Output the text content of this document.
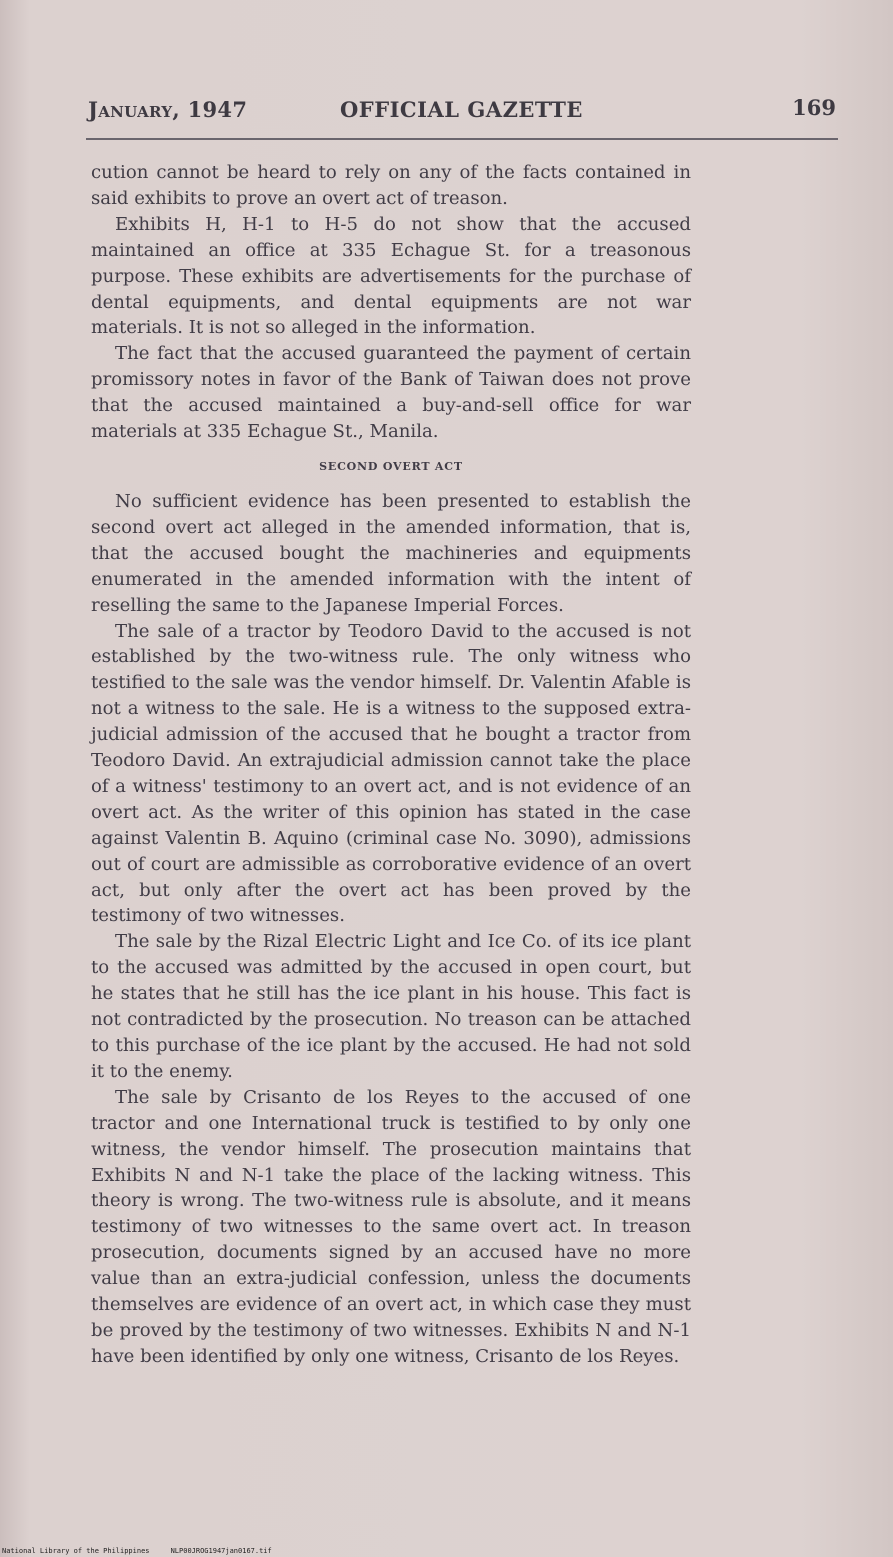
January, 1947	OFFICIAL GAZETTE	169

cution cannot be heard to rely on any of the facts contained in said exhibits to prove an overt act of treason.

Exhibits H, H-1 to H-5 do not show that the accused maintained an office at 335 Echague St. for a treasonous purpose. These exhibits are advertisements for the purchase of dental equipments, and dental equipments are not war materials. It is not so alleged in the information.

The fact that the accused guaranteed the payment of certain promissory notes in favor of the Bank of Taiwan does not prove that the accused maintained a buy-and-sell office for war materials at 335 Echague St., Manila.

SECOND OVERT ACT

No sufficient evidence has been presented to establish the second overt act alleged in the amended information, that is, that the accused bought the machineries and equipments enumerated in the amended information with the intent of reselling the same to the Japanese Imperial Forces.

The sale of a tractor by Teodoro David to the accused is not established by the two-witness rule. The only witness who testified to the sale was the vendor himself. Dr. Valentin Afable is not a witness to the sale. He is a witness to the supposed extra-judicial admission of the accused that he bought a tractor from Teodoro David. An extrajudicial admission cannot take the place of a witness' testimony to an overt act, and is not evidence of an overt act. As the writer of this opinion has stated in the case against Valentin B. Aquino (criminal case No. 3090), admissions out of court are admissible as corroborative evidence of an overt act, but only after the overt act has been proved by the testimony of two witnesses.

The sale by the Rizal Electric Light and Ice Co. of its ice plant to the accused was admitted by the accused in open court, but he states that he still has the ice plant in his house. This fact is not contradicted by the prosecution. No treason can be attached to this purchase of the ice plant by the accused. He had not sold it to the enemy.

The sale by Crisanto de los Reyes to the accused of one tractor and one International truck is testified to by only one witness, the vendor himself. The prosecution maintains that Exhibits N and N-1 take the place of the lacking witness. This theory is wrong. The two-witness rule is absolute, and it means testimony of two witnesses to the same overt act. In treason prosecution, documents signed by an accused have no more value than an extra-judicial confession, unless the documents themselves are evidence of an overt act, in which case they must be proved by the testimony of two witnesses. Exhibits N and N-1 have been identified by only one witness, Crisanto de los Reyes.

National Library of the Philippines	NLP00JROG1947jan0167.tif
